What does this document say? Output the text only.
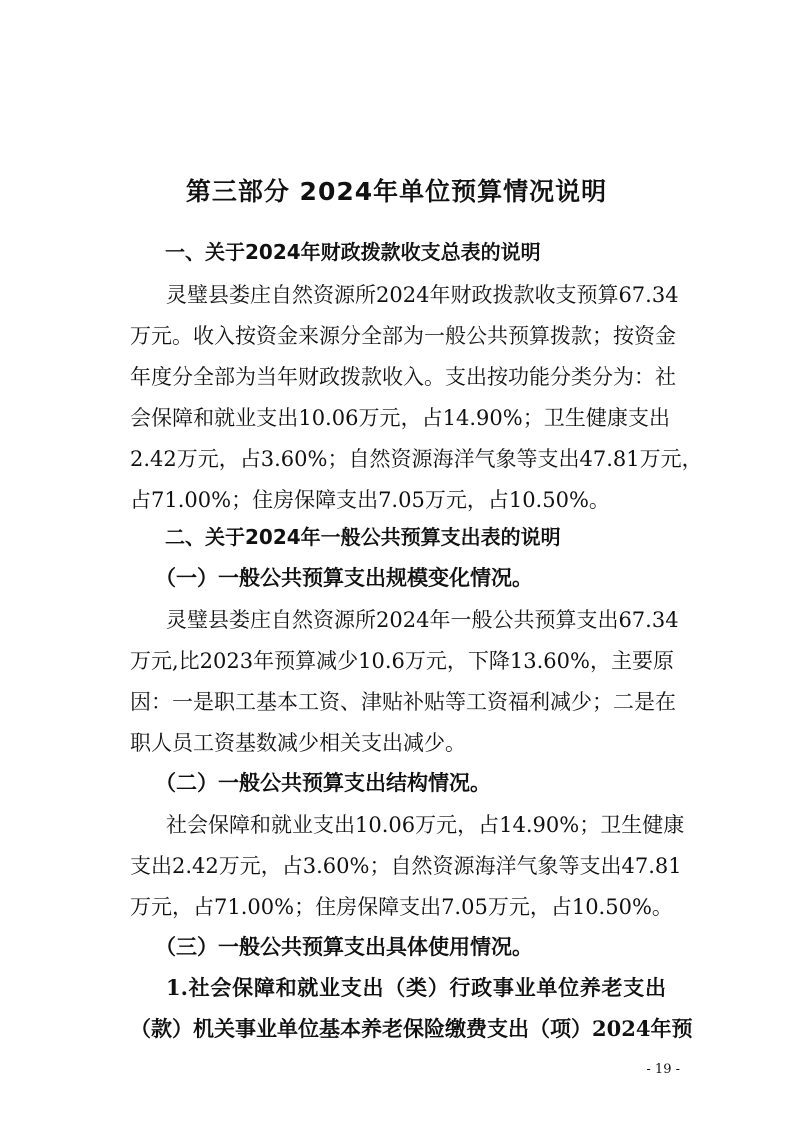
第三部分 2024年单位预算情况说明
一、关于2024年财政拨款收支总表的说明
灵璧县娄庄自然资源所2024年财政拨款收支预算67.34
万元。收入按资金来源分全部为一般公共预算拨款；按资金
年度分全部为当年财政拨款收入。支出按功能分类分为：社
会保障和就业支出10.06万元，占14.90%；卫生健康支出
2.42万元，占3.60%；自然资源海洋气象等支出47.81万元，
占71.00%；住房保障支出7.05万元，占10.50%。
二、关于2024年一般公共预算支出表的说明
（一）一般公共预算支出规模变化情况。
灵璧县娄庄自然资源所2024年一般公共预算支出67.34
万元,比2023年预算减少10.6万元，下降13.60%，主要原
因：一是职工基本工资、津贴补贴等工资福利减少；二是在
职人员工资基数减少相关支出减少。
（二）一般公共预算支出结构情况。
社会保障和就业支出10.06万元，占14.90%；卫生健康
支出2.42万元，占3.60%；自然资源海洋气象等支出47.81
万元，占71.00%；住房保障支出7.05万元，占10.50%。
（三）一般公共预算支出具体使用情况。
1.社会保障和就业支出（类）行政事业单位养老支出
（款）机关事业单位基本养老保险缴费支出（项）2024年预
- 19 -
